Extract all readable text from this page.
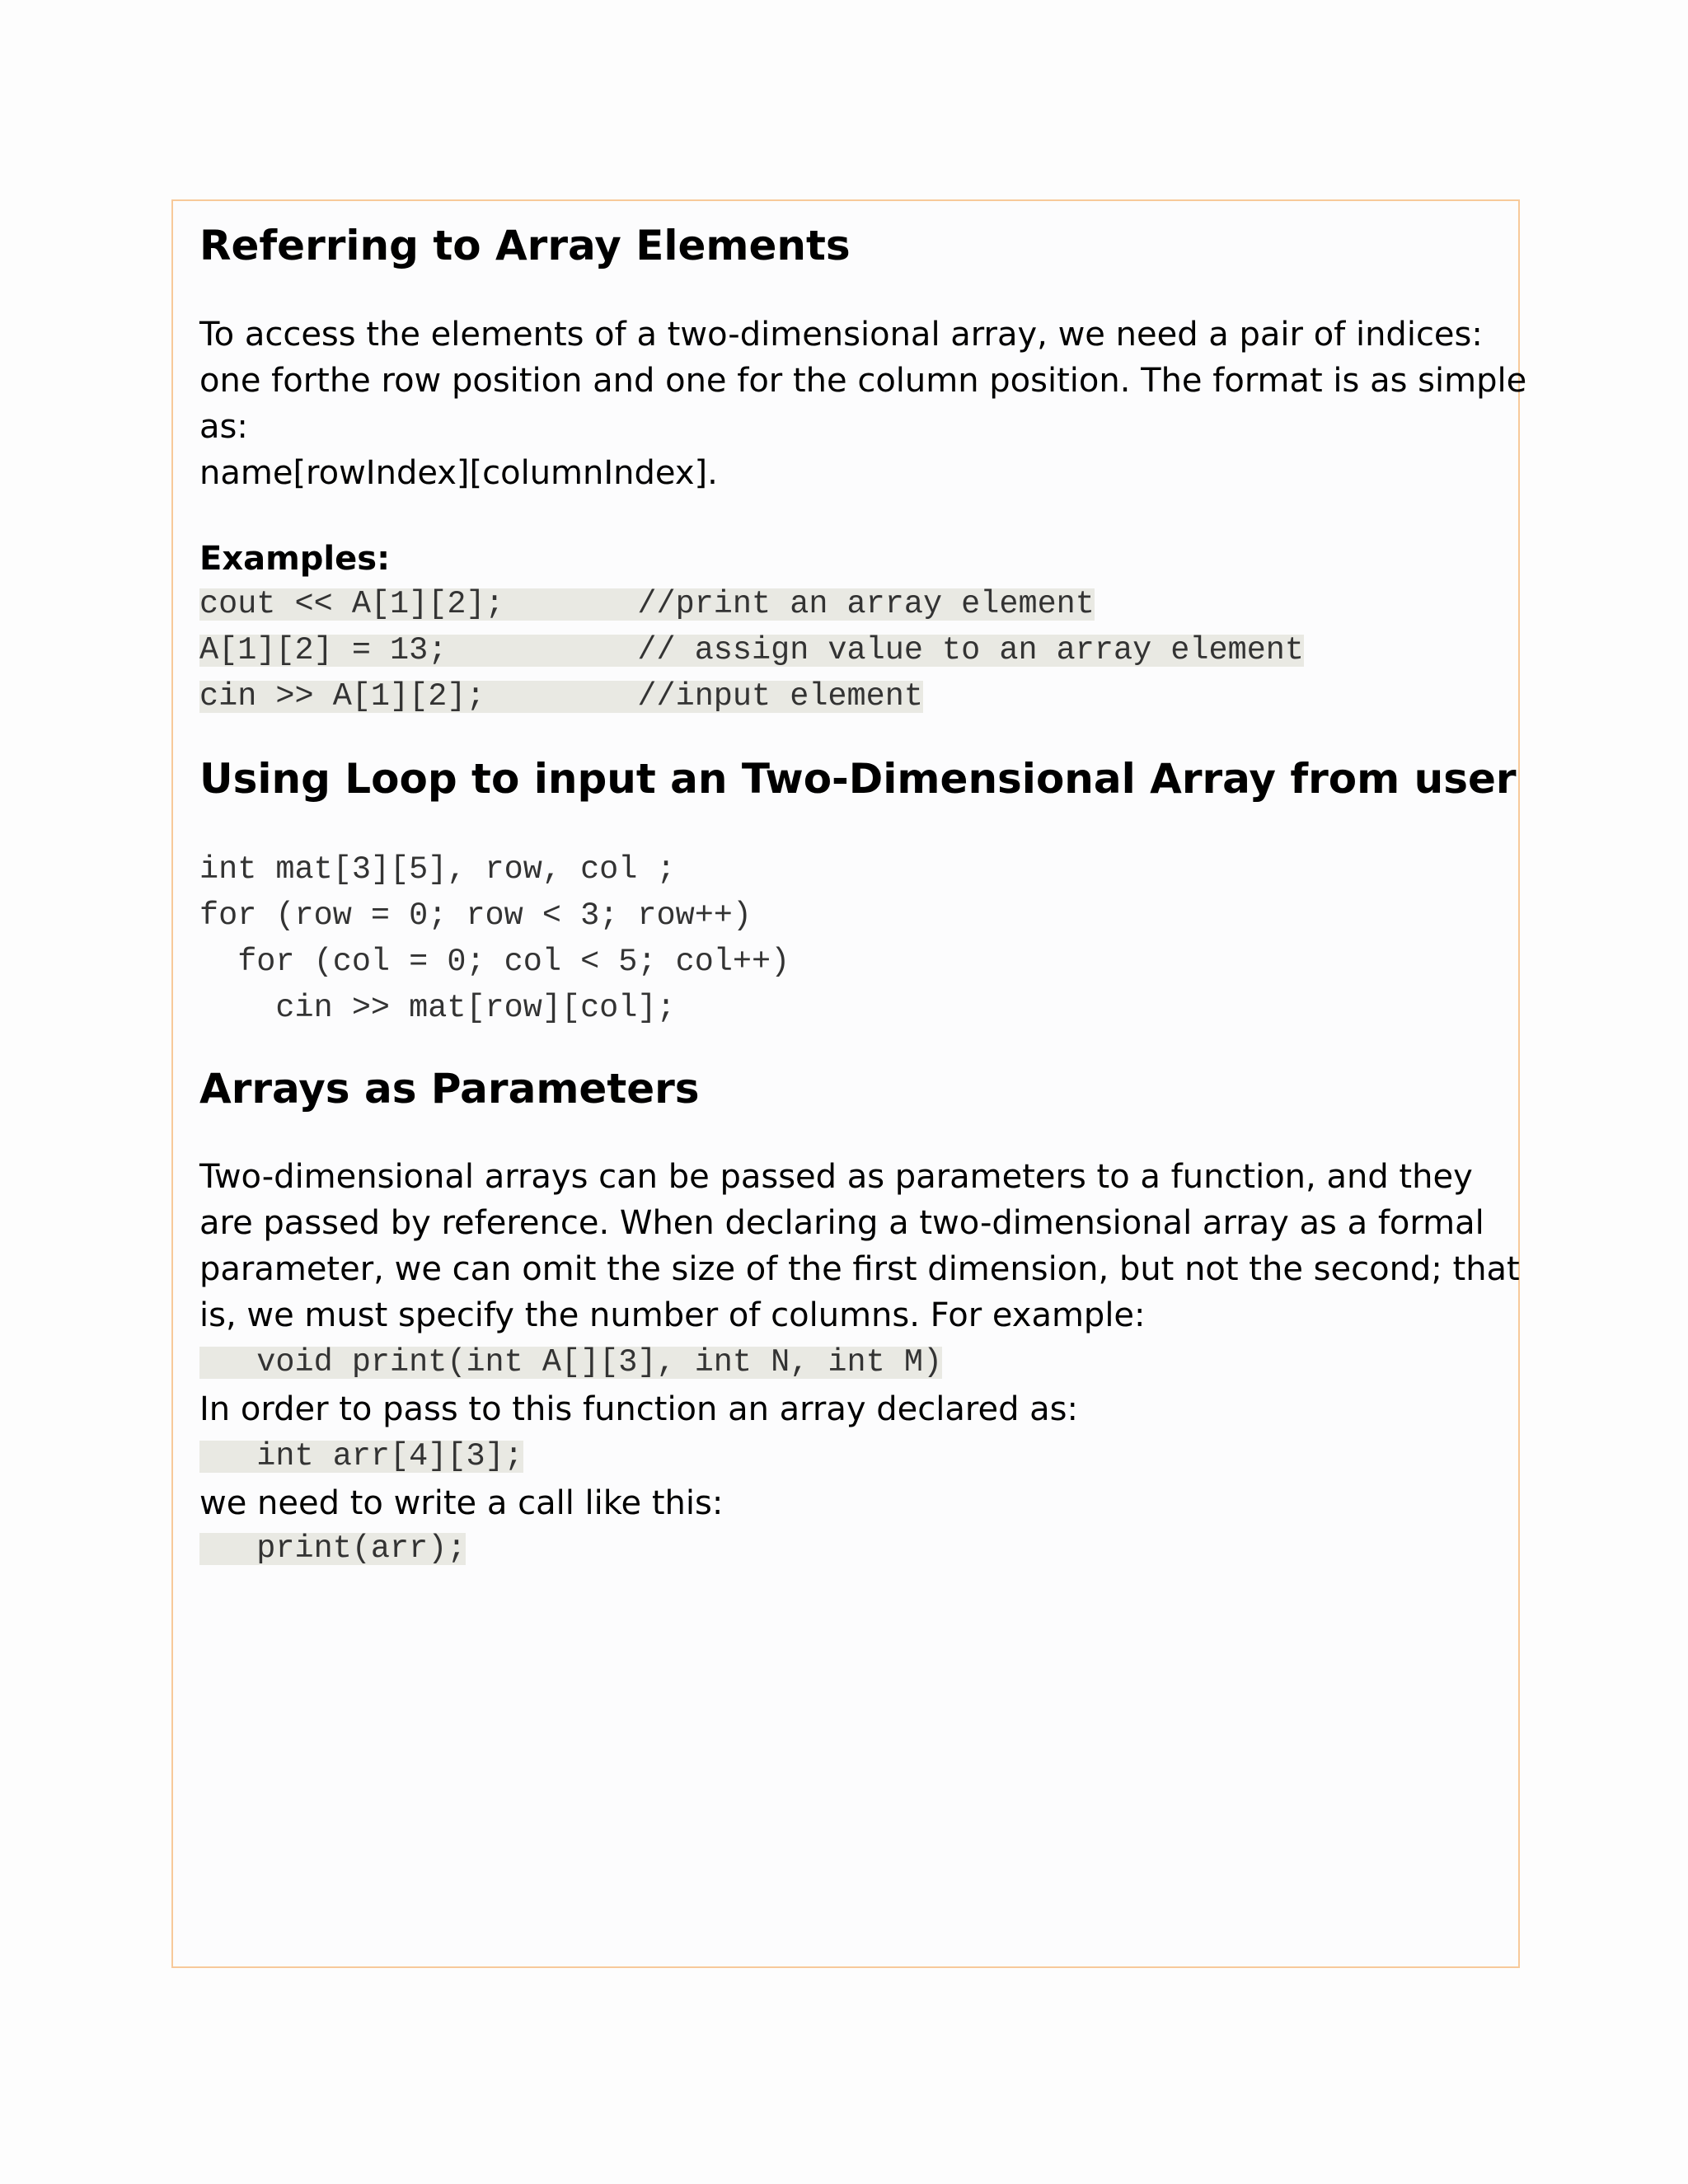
Referring to Array Elements
To access the elements of a two-dimensional array, we need a pair of indices:
one forthe row position and one for the column position. The format is as simple
as:
name[rowIndex][columnIndex].
Examples:
cout << A[1][2];       //print an array element
A[1][2] = 13;          // assign value to an array element
cin >> A[1][2];        //input element
Using Loop to input an Two-Dimensional Array from user
int mat[3][5], row, col ;
for (row = 0; row < 3; row++)
for (col = 0; col < 5; col++)
cin >> mat[row][col];
Arrays as Parameters
Two-dimensional arrays can be passed as parameters to a function, and they
are passed by reference. When declaring a two-dimensional array as a formal
parameter, we can omit the size of the first dimension, but not the second; that
is, we must specify the number of columns. For example:
void print(int A[][3], int N, int M)
In order to pass to this function an array declared as:
int arr[4][3];
we need to write a call like this:
print(arr);
